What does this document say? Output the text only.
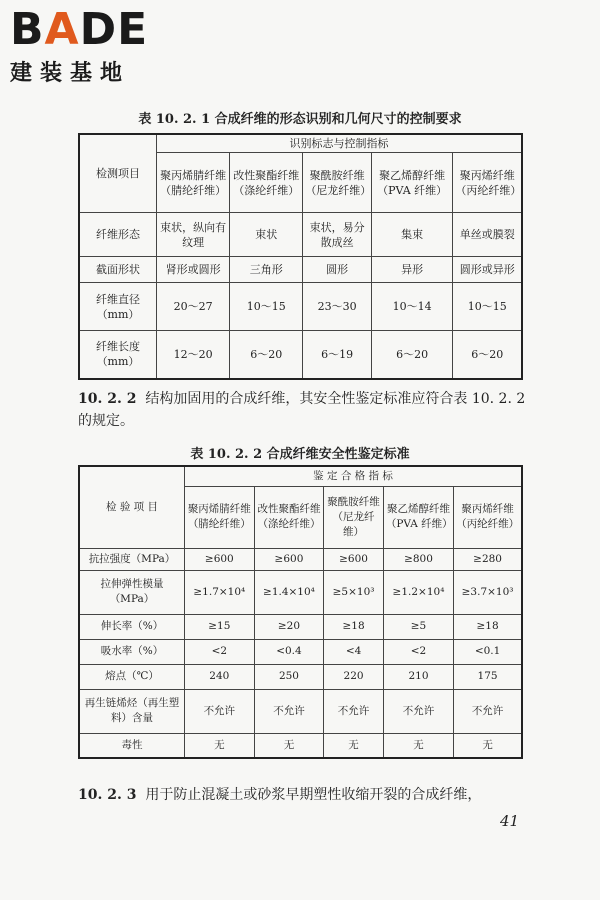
BADE
建装基地
表 10. 2. 1 合成纤维的形态识别和几何尺寸的控制要求
检测项目	识别标志与控制指标				
	聚丙烯腈纤维（腈纶纤维）	改性聚酯纤维（涤纶纤维）	聚酰胺纤维（尼龙纤维）	聚乙烯醇纤维（PVA 纤维）	聚丙烯纤维（丙纶纤维）
纤维形态	束状，纵向有纹理	束状	束状，易分散成丝	集束	单丝或膜裂
截面形状	肾形或圆形	三角形	圆形	异形	圆形或异形
纤维直径（mm）	20～27	10～15	23～30	10～14	10～15
纤维长度（mm）	12～20	6～20	6～19	6～20	6～20
10. 2. 2 结构加固用的合成纤维，其安全性鉴定标准应符合表 10. 2. 2 的规定。
表 10. 2. 2 合成纤维安全性鉴定标准
检 验 项 目	鉴 定 合 格 指 标				
	聚丙烯腈纤维（腈纶纤维）	改性聚酯纤维（涤纶纤维）	聚酰胺纤维（尼龙纤维）	聚乙烯醇纤维（PVA 纤维）	聚丙烯纤维（丙纶纤维）
抗拉强度（MPa）	≥600	≥600	≥600	≥800	≥280
拉伸弹性模量（MPa）	≥1.7×10⁴	≥1.4×10⁴	≥5×10³	≥1.2×10⁴	≥3.7×10³
伸长率（%）	≥15	≥20	≥18	≥5	≥18
吸水率（%）	<2	<0.4	<4	<2	<0.1
熔点（℃）	240	250	220	210	175
再生链烯烃（再生塑料）含量	不允许	不允许	不允许	不允许	不允许
毒性	无	无	无	无	无
10. 2. 3 用于防止混凝土或砂浆早期塑性收缩开裂的合成纤维，
41
